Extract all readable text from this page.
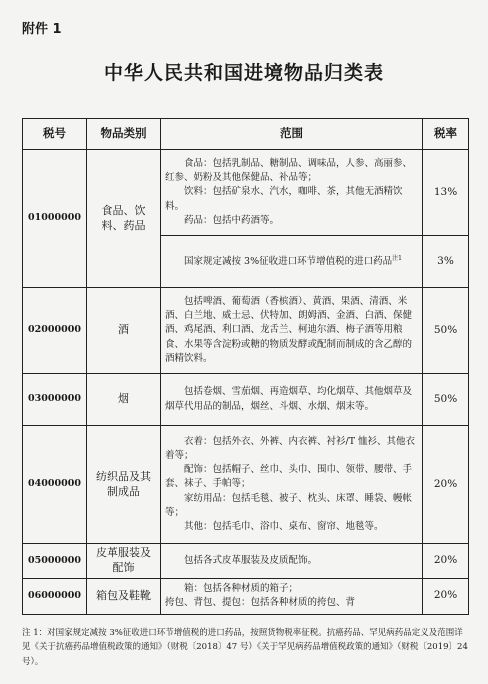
附件 1
中华人民共和国进境物品归类表
税号	物品类别	范围	税率
01000000	食品、饮料、药品	食品：包括乳制品、糖制品、调味品，人参、高丽参、红参、奶粉及其他保健品、补品等；

饮料：包括矿泉水、汽水，咖啡、茶，其他无酒精饮料。

药品：包括中药酒等。	13%

		国家规定减按 3%征收进口环节增值税的进口药品$^{注1}$	3%
02000000	酒	包括啤酒、葡萄酒（香槟酒）、黄酒、果酒、清酒、米酒、白兰地、威士忌、伏特加、朗姆酒、金酒、白酒、保健酒、鸡尾酒、利口酒、龙舌兰、柯迪尔酒、梅子酒等用粮食、水果等含淀粉或糖的物质发酵或配制而制成的含乙醇的酒精饮料。	50%
03000000	烟	包括卷烟、雪茄烟、再造烟草、均化烟草、其他烟草及烟草代用品的制品，烟丝、斗烟、水烟、烟末等。	50%
04000000	纺织品及其制成品	衣着：包括外衣、外裤、内衣裤、衬衫/T 恤衫、其他衣着等；

配饰：包括帽子、丝巾、头巾、围巾、领带、腰带、手套、袜子、手帕等；

家纺用品：包括毛毯、被子、枕头、床罩、睡袋、幔帐等；

其他：包括毛巾、浴巾、桌布、窗帘、地毯等。	20%
05000000	皮革服装及配饰	包括各式皮革服装及皮质配饰。	20%
06000000	箱包及鞋靴	箱：包括各种材质的箱子；

挎包、背包、提包：包括各种材质的挎包、背	20%
注 1：对国家规定减按 3%征收进口环节增值税的进口药品，按照货物税率征税。抗癌药品、罕见病药品定义及范围详见《关于抗癌药品增值税政策的通知》（财税〔2018〕47 号）《关于罕见病药品增值税政策的通知》（财税〔2019〕24 号）。
